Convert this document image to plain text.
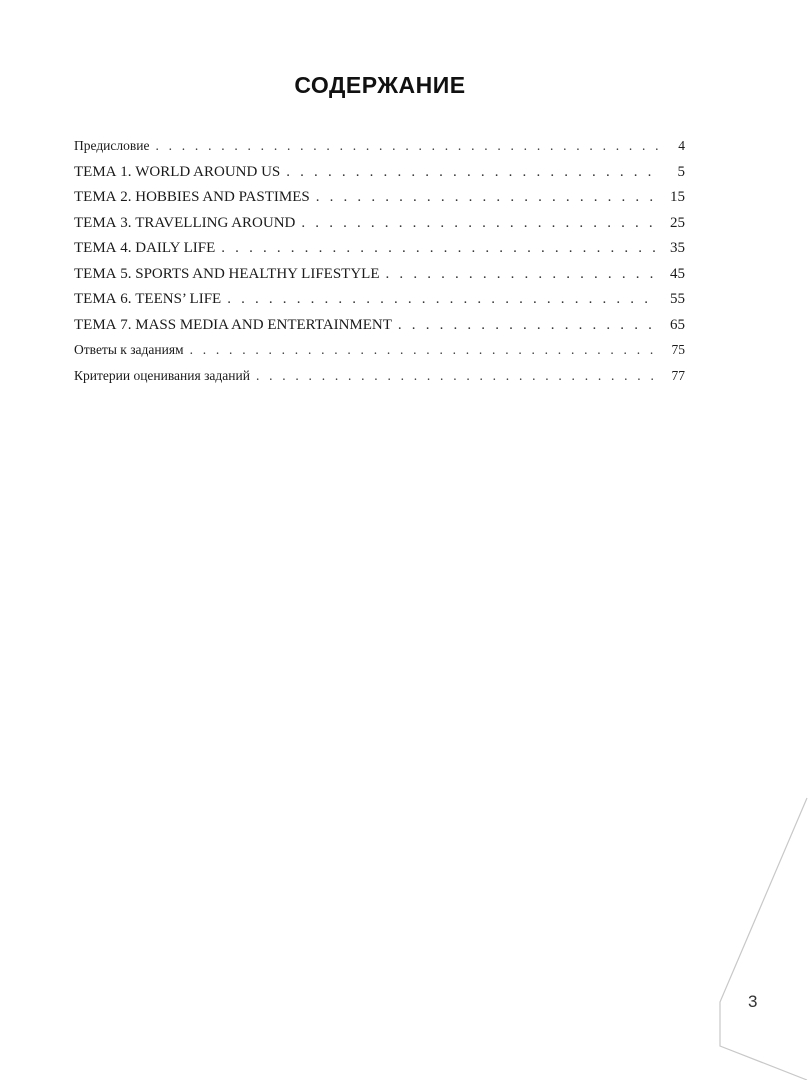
СОДЕРЖАНИЕ
Предисловие . . .	4
ТЕМА 1. WORLD AROUND US . . .	5
ТЕМА 2. HOBBIES AND PASTIMES . . .	15
ТЕМА 3. TRAVELLING AROUND . . .	25
ТЕМА 4. DAILY LIFE . . .	35
ТЕМА 5. SPORTS AND HEALTHY LIFESTYLE . . .	45
ТЕМА 6. TEENS’ LIFE . . .	55
ТЕМА 7. MASS MEDIA AND ENTERTAINMENT . . .	65
Ответы к заданиям . . .	75
Критерии оценивания заданий . . .	77
3
